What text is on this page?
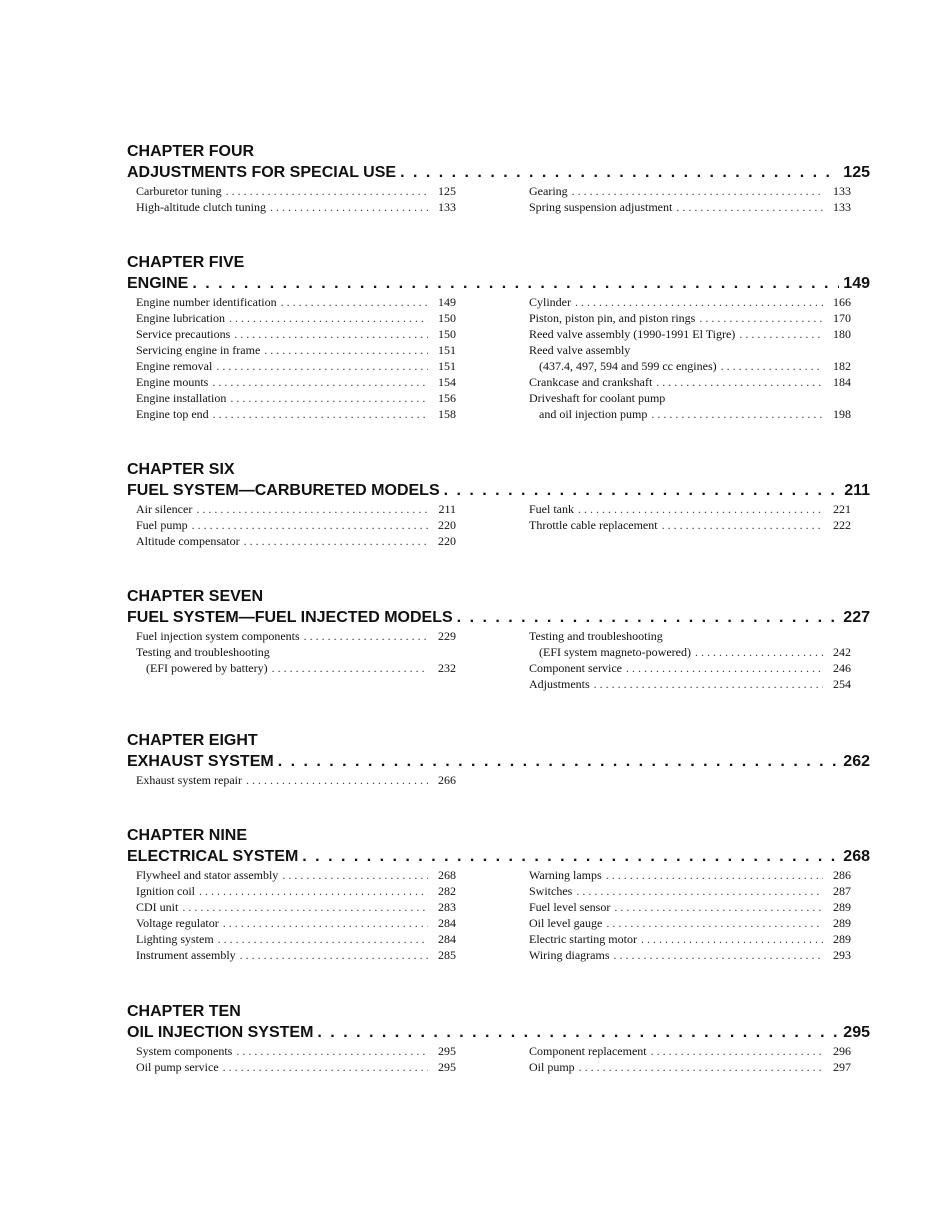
CHAPTER FOUR
ADJUSTMENTS FOR SPECIAL USE . . .	125
Carburetor tuning . . .	125
High-altitude clutch tuning . . .	133
Gearing . . .	133
Spring suspension adjustment . . .	133
CHAPTER FIVE
ENGINE . . .	149
Engine number identification . . .	149
Engine lubrication . . .	150
Service precautions . . .	150
Servicing engine in frame . . .	151
Engine removal . . .	151
Engine mounts . . .	154
Engine installation . . .	156
Engine top end . . .	158
Cylinder . . .	166
Piston, piston pin, and piston rings . . .	170
Reed valve assembly (1990-1991 El Tigre) . . .	180
Reed valve assembly
(437.4, 497, 594 and 599 cc engines) . . .	182
Crankcase and crankshaft . . .	184
Driveshaft for coolant pump
and oil injection pump . . .	198
CHAPTER SIX
FUEL SYSTEM—CARBURETED MODELS . . .	211
Air silencer . . .	211
Fuel pump . . .	220
Altitude compensator . . .	220
Fuel tank . . .	221
Throttle cable replacement . . .	222
CHAPTER SEVEN
FUEL SYSTEM—FUEL INJECTED MODELS . . .	227
Fuel injection system components . . .	229
Testing and troubleshooting
(EFI powered by battery) . . .	232
Testing and troubleshooting
(EFI system magneto-powered) . . .	242
Component service . . .	246
Adjustments . . .	254
CHAPTER EIGHT
EXHAUST SYSTEM . . .	262
Exhaust system repair . . .	266
CHAPTER NINE
ELECTRICAL SYSTEM . . .	268
Flywheel and stator assembly . . .	268
Ignition coil . . .	282
CDI unit . . .	283
Voltage regulator . . .	284
Lighting system . . .	284
Instrument assembly . . .	285
Warning lamps . . .	286
Switches . . .	287
Fuel level sensor . . .	289
Oil level gauge . . .	289
Electric starting motor . . .	289
Wiring diagrams . . .	293
CHAPTER TEN
OIL INJECTION SYSTEM . . .	295
System components . . .	295
Oil pump service . . .	295
Component replacement . . .	296
Oil pump . . .	297
